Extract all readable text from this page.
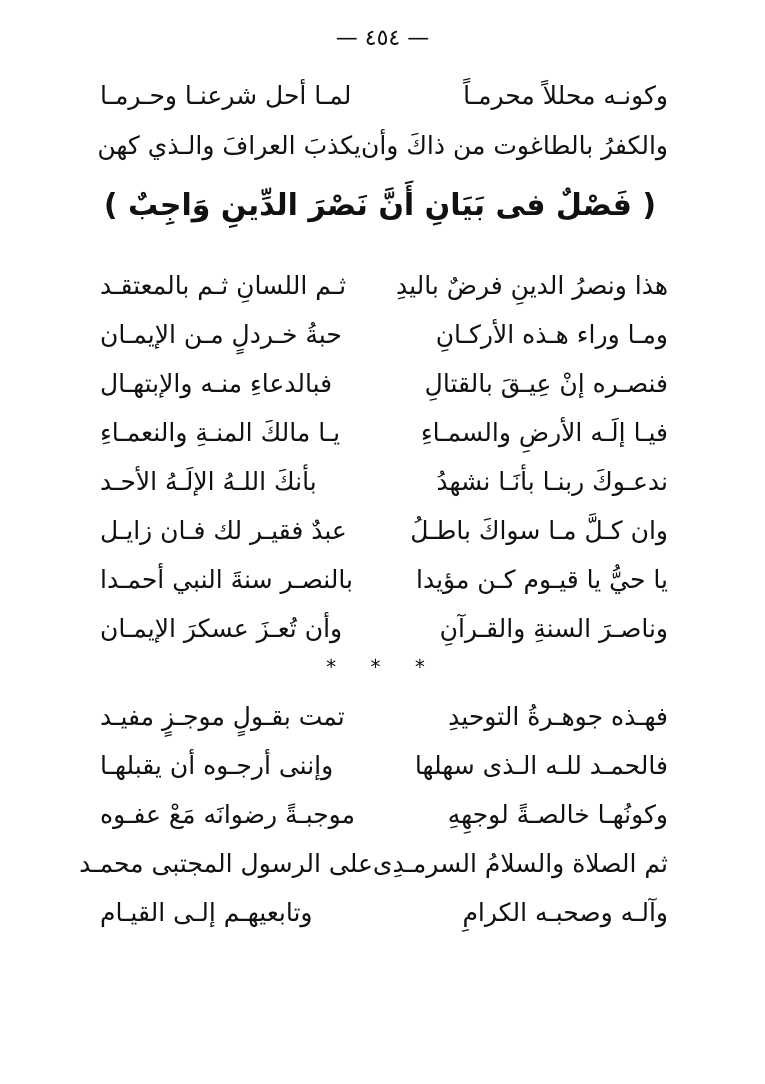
— ٤٥٤ —
وكونـه محللاً محرمـاً
لمـا أحل شرعنـا وحـرمـا
والكفرُ بالطاغوت من ذاكَ وأن
يكذبَ العرافَ والـذي كهن
( فَصْلٌ فى بَيَانِ أَنَّ نَصْرَ الدِّينِ وَاجِبٌ )
هذا ونصرُ الدينِ فرضٌ باليدِ
ثـم اللسانِ ثـم بالمعتقـد
ومـا وراء هـذه الأركـانِ
حبةُ خـردلٍ مـن الإيمـان
فنصـره إنْ عِيـقَ بالقتالِ
فبالدعاءِ منـه والإبتهـال
فيـا إلَـه الأرضِ والسمـاءِ
يـا مالكَ المنـةِ والنعمـاءِ
ندعـوكَ ربنـا بأنَـا نشهدُ
بأنكَ اللـهُ الإلَـهُ الأحـد
وان كـلَّ مـا سواكَ باطـلُ
عبدٌ فقيـر لك فـان زايـل
يا حيُّ يا قيـوم كـن مؤيدا
بالنصـر سنةَ النبي أحمـدا
وناصـرَ السنةِ والقـرآنِ
وأن تُعـزَ عسكرَ الإيمـان
* * *
فهـذه جوهـرةُ التوحيدِ
تمت بقـولٍ موجـزٍ مفيـد
فالحمـد للـه الـذى سهلها
وإننى أرجـوه أن يقبلهـا
وكونُهـا خالصـةً لوجهِهِ
موجبـةً رضوانَه مَعْ عفـوه
ثم الصلاة والسلامُ السرمـدِى
على الرسول المجتبى محمـد
وآلـه وصحبـه الكرامِ
وتابعيهـم إلـى القيـام
